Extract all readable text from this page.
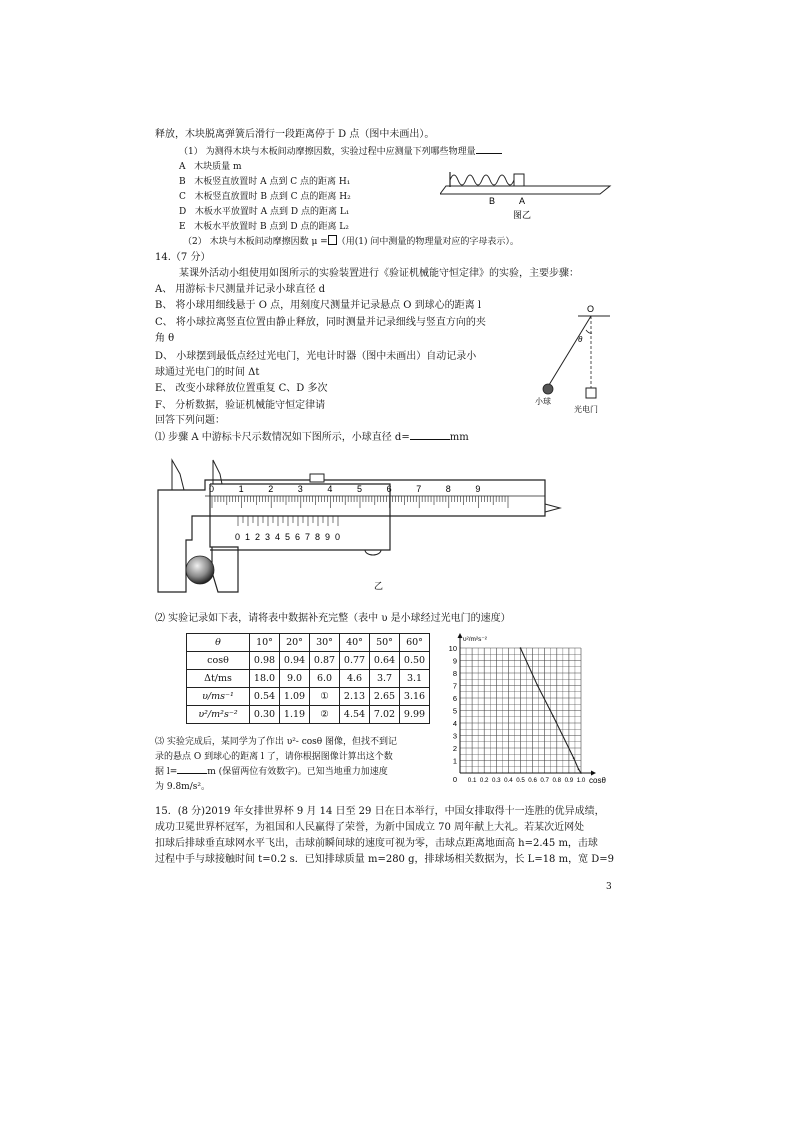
释放，木块脱离弹簧后滑行一段距离停于 D 点（图中未画出）。
（1） 为测得木块与木板间动摩擦因数，实验过程中应测量下列哪些物理量
A 木块质量 m
B 木板竖直放置时 A 点到 C 点的距离 H₁
C 木板竖直放置时 B 点到 C 点的距离 H₂
D 木板水平放置时 A 点到 D 点的距离 L₁
E 木板水平放置时 B 点到 D 点的距离 L₂
（2） 木块与木板间动摩擦因数 μ = （用(1) 问中测量的物理量对应的字母表示）。
B	A
图乙
14.（7 分）
某课外活动小组使用如图所示的实验装置进行《验证机械能守恒定律》的实验，主要步骤：
A、 用游标卡尺测量并记录小球直径 d
B、 将小球用细线悬于 O 点，用刻度尺测量并记录悬点 O 到球心的距离 l
C、 将小球拉离竖直位置由静止释放，同时测量并记录细线与竖直方向的夹
角 θ
D、 小球摆到最低点经过光电门，光电计时器（图中未画出）自动记录小
球通过光电门的时间 Δt
E、 改变小球释放位置重复 C、D 多次
F、 分析数据，验证机械能守恒定律请
回答下列问题：
O
θ
小球
光电门
⑴ 步骤 A 中游标卡尺示数情况如下图所示，小球直径 d=	mm
0	1	2	3	4	5	6	7	8	9
0 1 2 3 4 5 6 7 8 9 0
乙
⑵ 实验记录如下表，请将表中数据补充完整（表中 υ 是小球经过光电门的速度）
θ	10°	20°	30°	40°	50°	60°
cosθ	0.98	0.94	0.87	0.77	0.64	0.50
Δt/ms	18.0	9.0	6.0	4.6	3.7	3.1
υ/ms⁻¹	0.54	1.09	①	2.13	2.65	3.16
υ²/m²s⁻²	0.30	1.19	②	4.54	7.02	9.99
⑶ 实验完成后，某同学为了作出 υ²- cosθ 图像，但找不到记
录的悬点 O 到球心的距离 l 了，请你根据图像计算出这个数
据 l=	m (保留两位有效数字)。已知当地重力加速度
为 9.8m/s²。
1
2
3
4
5
6
7
8
9
10
0.1 0.2 0.3 0.4 0.5 0.6 0.7 0.8 0.9 1.0
0
υ²/m²s⁻²
cosθ
15．(8 分)2019 年女排世界杯 9 月 14 日至 29 日在日本举行，中国女排取得十一连胜的优异成绩，
成功卫冕世界杯冠军，为祖国和人民赢得了荣誉，为新中国成立 70 周年献上大礼。若某次近网处
扣球后排球垂直球网水平飞出，击球前瞬间球的速度可视为零，击球点距离地面高 h=2.45 m，击球
过程中手与球接触时间 t=0.2 s．已知排球质量 m=280 g，排球场相关数据为，长 L=18 m，宽 D=9
3
